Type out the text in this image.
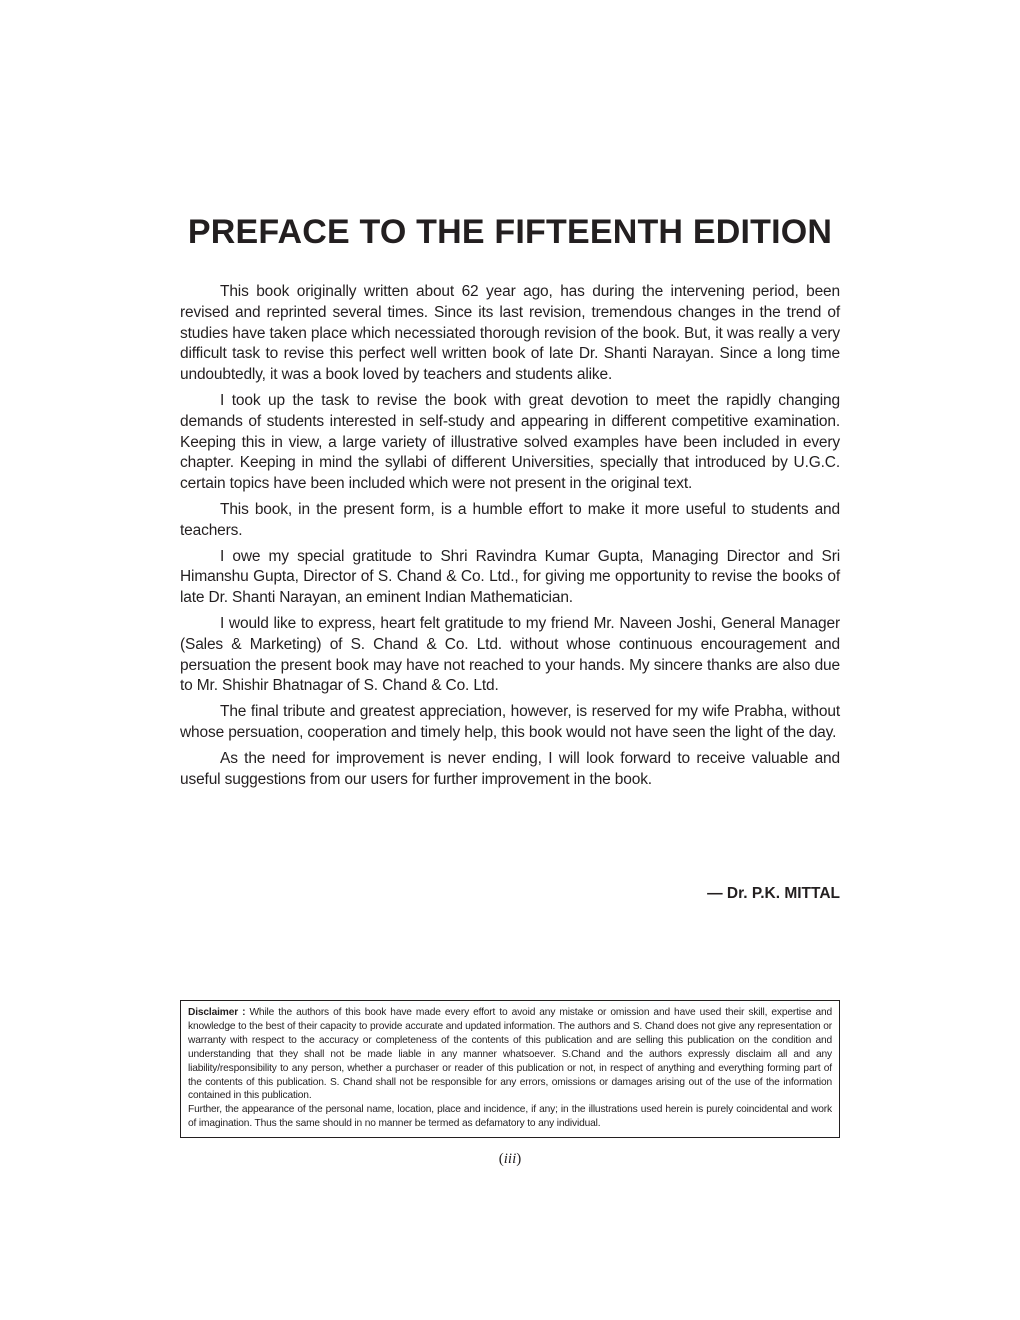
PREFACE TO THE FIFTEENTH EDITION

This book originally written about 62 year ago, has during the intervening period, been revised and reprinted several times. Since its last revision, tremendous changes in the trend of studies have taken place which necessiated thorough revision of the book. But, it was really a very difficult task to revise this perfect well written book of late Dr. Shanti Narayan. Since a long time undoubtedly, it was a book loved by teachers and students alike.

I took up the task to revise the book with great devotion to meet the rapidly changing demands of students interested in self-study and appearing in different competitive examination. Keeping this in view, a large variety of illustrative solved examples have been included in every chapter. Keeping in mind the syllabi of different Universities, specially that introduced by U.G.C. certain topics have been included which were not present in the original text.

This book, in the present form, is a humble effort to make it more useful to students and teachers.

I owe my special gratitude to Shri Ravindra Kumar Gupta, Managing Director and Sri Himanshu Gupta, Director of S. Chand & Co. Ltd., for giving me opportunity to revise the books of late Dr. Shanti Narayan, an eminent Indian Mathematician.

I would like to express, heart felt gratitude to my friend Mr. Naveen Joshi, General Manager (Sales & Marketing) of S. Chand & Co. Ltd. without whose continuous encouragement and persuation the present book may have not reached to your hands. My sincere thanks are also due to Mr. Shishir Bhatnagar of S. Chand & Co. Ltd.

The final tribute and greatest appreciation, however, is reserved for my wife Prabha, without whose persuation, cooperation and timely help, this book would not have seen the light of the day.

As the need for improvement is never ending, I will look forward to receive valuable and useful suggestions from our users for further improvement in the book.

— Dr. P.K. MITTAL

Disclaimer : While the authors of this book have made every effort to avoid any mistake or omission and have used their skill, expertise and knowledge to the best of their capacity to provide accurate and updated information. The authors and S. Chand does not give any representation or warranty with respect to the accuracy or completeness of the contents of this publication and are selling this publication on the condition and understanding that they shall not be made liable in any manner whatsoever. S.Chand and the authors expressly disclaim all and any liability/responsibility to any person, whether a purchaser or reader of this publication or not, in respect of anything and everything forming part of the contents of this publication. S. Chand shall not be responsible for any errors, omissions or damages arising out of the use of the information contained in this publication.

Further, the appearance of the personal name, location, place and incidence, if any; in the illustrations used herein is purely coincidental and work of imagination. Thus the same should in no manner be termed as defamatory to any individual.

(iii)
